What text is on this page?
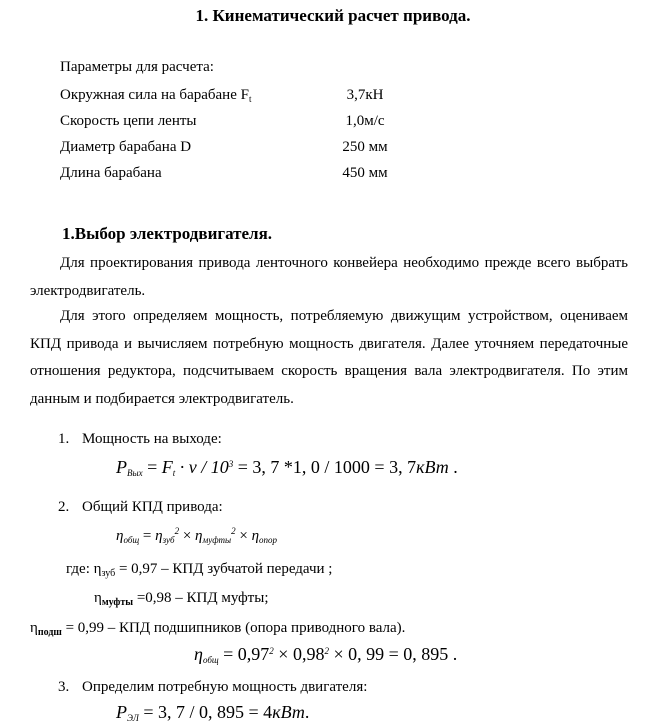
1. Кинематический расчет привода.
Параметры для расчета:
Окружная сила на барабане $F_t$	3,7кН
Скорость цепи ленты	1,0м/с
Диаметр барабана D	250 мм
Длина барабана	450 мм
1.Выбор электродвигателя.
Для проектирования привода ленточного конвейера необходимо прежде всего выбрать электродвигатель.
Для этого определяем мощность, потребляемую движущим устройством, оцениваем КПД привода и вычисляем потребную мощность двигателя. Далее уточняем передаточные отношения редуктора, подсчитываем скорость вращения вала электродвигателя. По этим данным и подбирается электродвигатель.
1. Мощность на выходе:
$P_{Вых} = F_t \cdot v / 10^3 = 3$, 7 *1, 0 / 1000 = 3, 7кВт .
2. Общий КПД привода:
$\eta_{общ} = \eta_{зуб}^2 \times \eta_{муфты}^2 \times \eta_{опор}$
где: $\eta_{зуб} = 0,97$ – КПД зубчатой передачи ;
$\eta_{муфты} =0,98$ – КПД муфты;
$\eta_{подш} = 0,99$ – КПД подшипников (опора приводного вала).
$\eta_{общ} = 0,97^2 \times 0,98^2 \times 0$, 99 = 0, 895 .
3. Определим потребную мощность двигателя:
$P_{ЭЛ} = 3$, 7 / 0, 895 = 4кВт.
